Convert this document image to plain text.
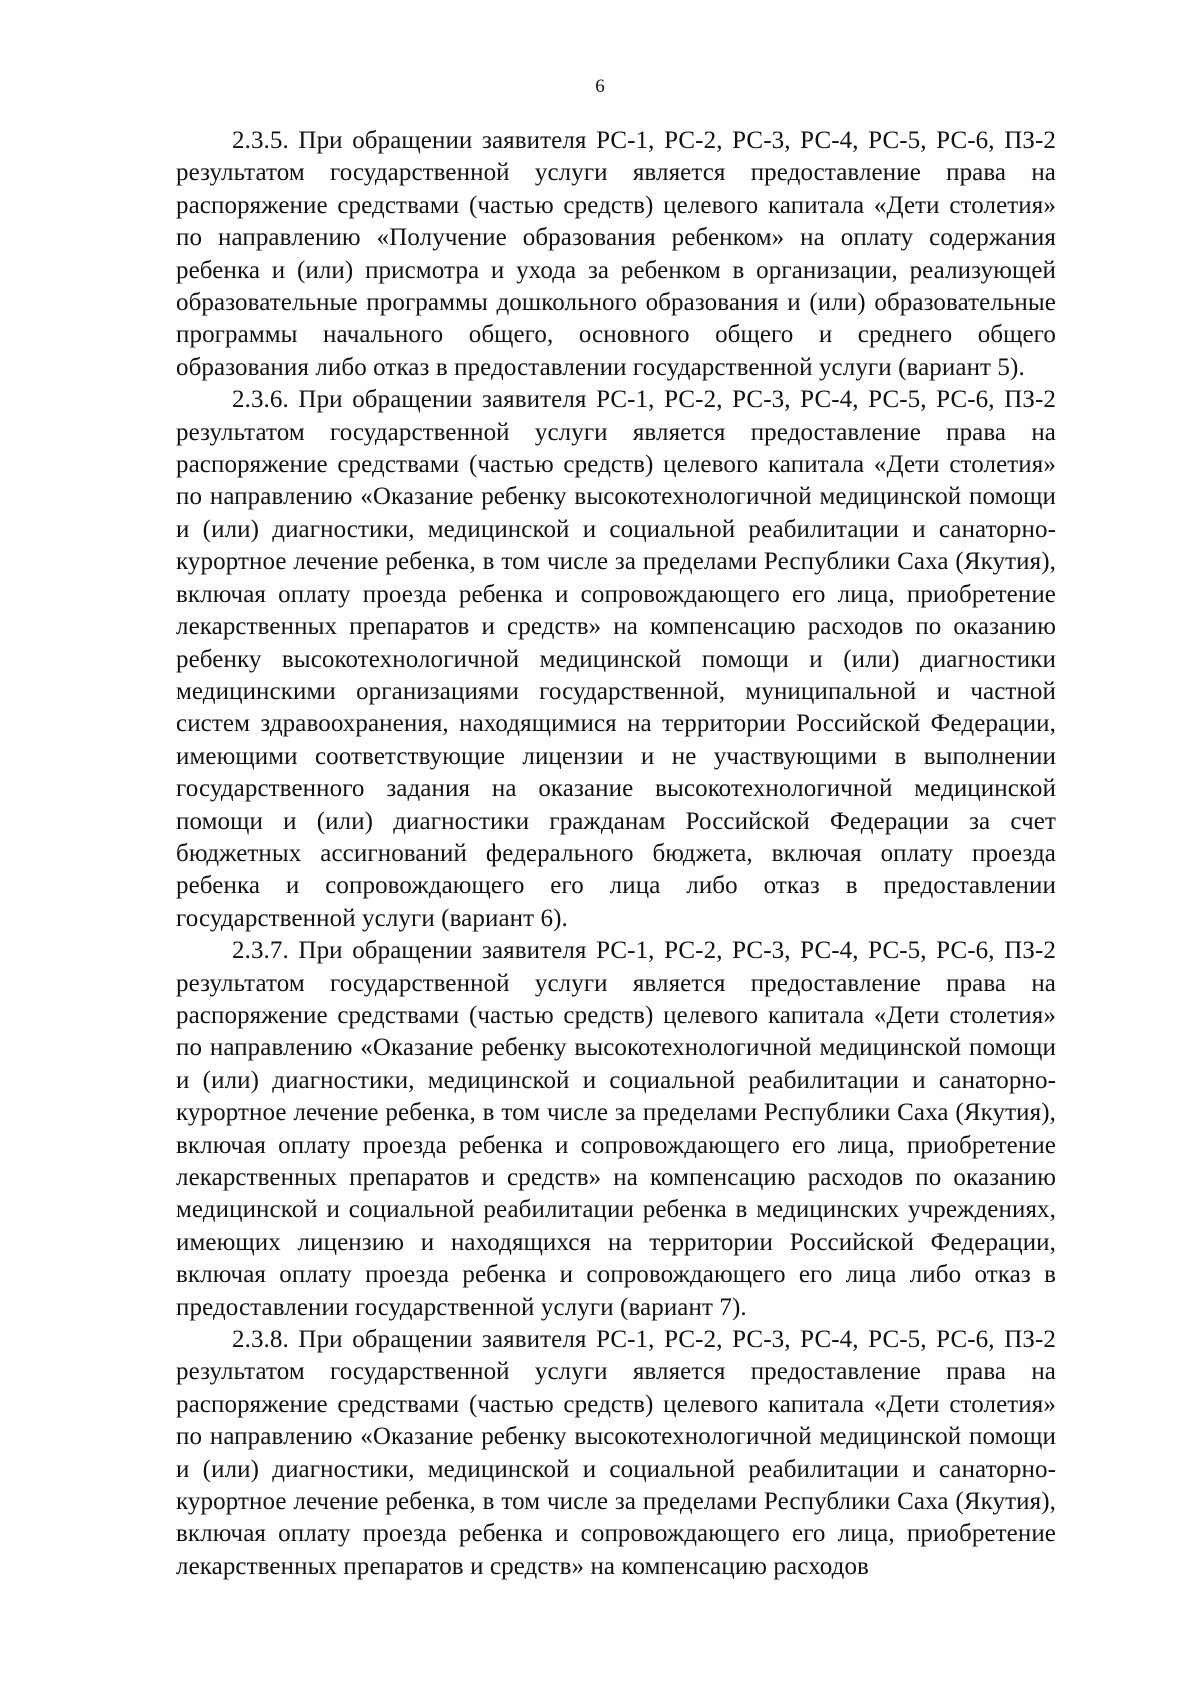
6

2.3.5. При обращении заявителя РС-1, РС-2, РС-3, РС-4, РС-5, РС-6, ПЗ-2 результатом государственной услуги является предоставление права на распоряжение средствами (частью средств) целевого капитала «Дети столетия» по направлению «Получение образования ребенком» на оплату содержания ребенка и (или) присмотра и ухода за ребенком в организации, реализующей образовательные программы дошкольного образования и (или) образовательные программы начального общего, основного общего и среднего общего образования либо отказ в предоставлении государственной услуги (вариант 5).

2.3.6. При обращении заявителя РС-1, РС-2, РС-3, РС-4, РС-5, РС-6, ПЗ-2 результатом государственной услуги является предоставление права на распоряжение средствами (частью средств) целевого капитала «Дети столетия» по направлению «Оказание ребенку высокотехнологичной медицинской помощи и (или) диагностики, медицинской и социальной реабилитации и санаторно-курортное лечение ребенка, в том числе за пределами Республики Саха (Якутия), включая оплату проезда ребенка и сопровождающего его лица, приобретение лекарственных препаратов и средств» на компенсацию расходов по оказанию ребенку высокотехнологичной медицинской помощи и (или) диагностики медицинскими организациями государственной, муниципальной и частной систем здравоохранения, находящимися на территории Российской Федерации, имеющими соответствующие лицензии и не участвующими в выполнении государственного задания на оказание высокотехнологичной медицинской помощи и (или) диагностики гражданам Российской Федерации за счет бюджетных ассигнований федерального бюджета, включая оплату проезда ребенка и сопровождающего его лица либо отказ в предоставлении государственной услуги (вариант 6).

2.3.7. При обращении заявителя РС-1, РС-2, РС-3, РС-4, РС-5, РС-6, ПЗ-2 результатом государственной услуги является предоставление права на распоряжение средствами (частью средств) целевого капитала «Дети столетия» по направлению «Оказание ребенку высокотехнологичной медицинской помощи и (или) диагностики, медицинской и социальной реабилитации и санаторно-курортное лечение ребенка, в том числе за пределами Республики Саха (Якутия), включая оплату проезда ребенка и сопровождающего его лица, приобретение лекарственных препаратов и средств» на компенсацию расходов по оказанию медицинской и социальной реабилитации ребенка в медицинских учреждениях, имеющих лицензию и находящихся на территории Российской Федерации, включая оплату проезда ребенка и сопровождающего его лица либо отказ в предоставлении государственной услуги (вариант 7).

2.3.8. При обращении заявителя РС-1, РС-2, РС-3, РС-4, РС-5, РС-6, ПЗ-2 результатом государственной услуги является предоставление права на распоряжение средствами (частью средств) целевого капитала «Дети столетия» по направлению «Оказание ребенку высокотехнологичной медицинской помощи и (или) диагностики, медицинской и социальной реабилитации и санаторно-курортное лечение ребенка, в том числе за пределами Республики Саха (Якутия), включая оплату проезда ребенка и сопровождающего его лица, приобретение лекарственных препаратов и средств» на компенсацию расходов
